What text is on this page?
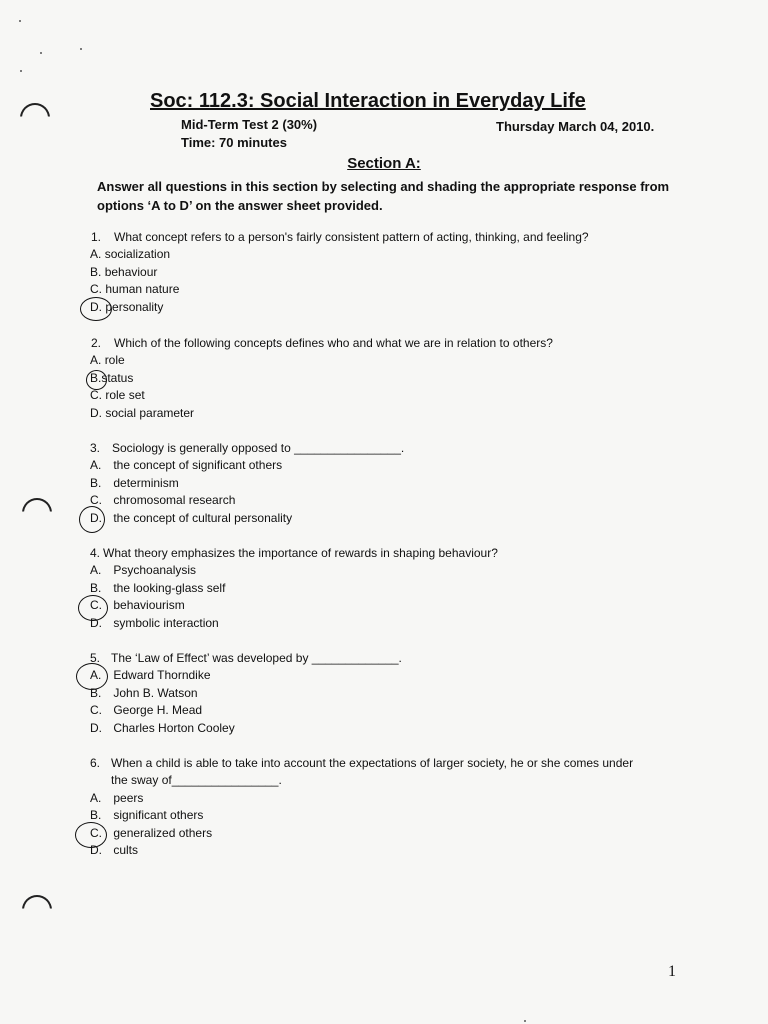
Soc: 112.3: Social Interaction in Everyday Life
Mid-Term Test 2 (30%)	Thursday March 04, 2010.
Time: 70 minutes
Section A:
Answer all questions in this section by selecting and shading the appropriate response from options ‘A to D’ on the answer sheet provided.
1. What concept refers to a person's fairly consistent pattern of acting, thinking, and feeling?
A. socialization
B. behaviour
C. human nature
D. personality
2. Which of the following concepts defines who and what we are in relation to others?
A. role
B.status
C. role set
D. social parameter
3. Sociology is generally opposed to ________________.
A. the concept of significant others
B. determinism
C. chromosomal research
D. the concept of cultural personality
4. What theory emphasizes the importance of rewards in shaping behaviour?
A. Psychoanalysis
B. the looking-glass self
C. behaviourism
D. symbolic interaction
5. The ‘Law of Effect’ was developed by _____________.
A. Edward Thorndike
B. John B. Watson
C. George H. Mead
D. Charles Horton Cooley
6. When a child is able to take into account the expectations of larger society, he or she comes under
the sway of________________.
A. peers
B. significant others
C. generalized others
D. cults
1
